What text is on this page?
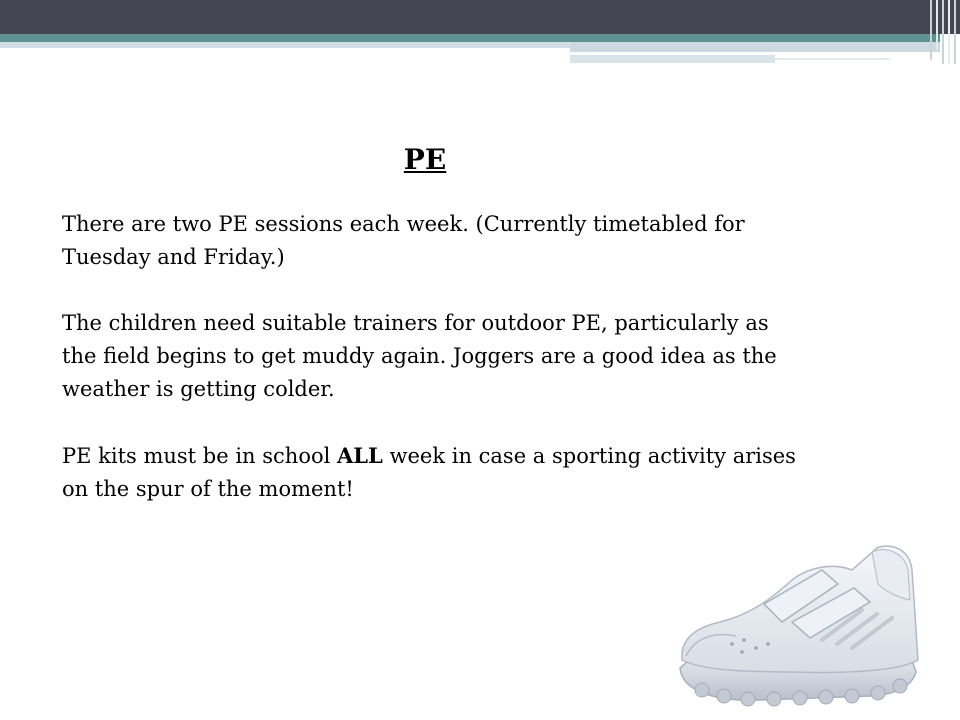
PE

There are two PE sessions each week. (Currently timetabled for
Tuesday and Friday.)

The children need suitable trainers for outdoor PE, particularly as
the field begins to get muddy again. Joggers are a good idea as the
weather is getting colder.

PE kits must be in school ALL week in case a sporting activity arises
on the spur of the moment!
